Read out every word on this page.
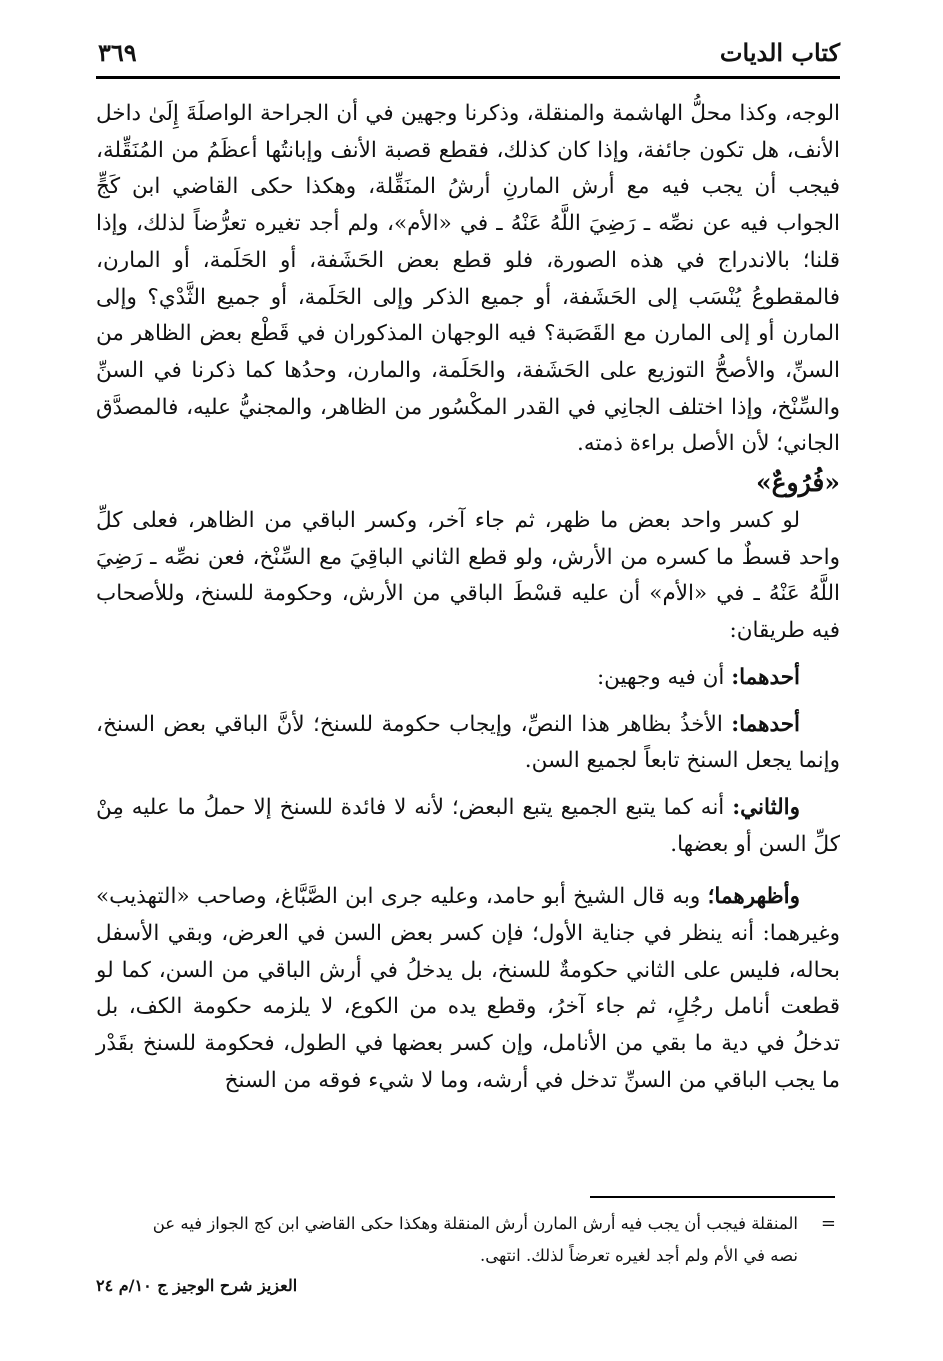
كتاب الديات
٣٦٩

الوجه، وكذا محلُّ الهاشمة والمنقلة، وذكرنا وجهين في أن الجراحة الواصلَةَ إِلَىٰ داخل الأنف، هل تكون جائفة، وإذا كان كذلك، فقطع قصبة الأنف وإبانتُها أعظَمُ من المُنَقِّلة، فيجب أن يجب فيه مع أرش المارنِ أرشُ المنَقِّلة، وهكذا حكى القاضي ابن كَجٍّ الجواب فيه عن نصِّه ـ رَضِيَ اللَّهُ عَنْهُ ـ في «الأم»، ولم أجد تغيره تعرُّضاً لذلك، وإذا قلنا؛ بالاندراج في هذه الصورة، فلو قطع بعض الحَشَفة، أو الحَلَمة، أو المارن، فالمقطوعُ يُنْسَب إلى الحَشَفة، أو جميع الذكر وإلى الحَلَمة، أو جميع الثَّدْي؟ وإلى المارن أو إلى المارن مع القَصَبة؟ فيه الوجهان المذكوران في قَطْع بعض الظاهر من السنِّ، والأصحُّ التوزيع على الحَشَفة، والحَلَمة، والمارن، وحدُها كما ذكرنا في السنِّ والسِّنْخ، وإذا اختلف الجانِي في القدر المكْسُور من الظاهر، والمجنيُّ عليه، فالمصدَّق الجاني؛ لأن الأصل براءة ذمته.

«فُرُوعٌ»

لو كسر واحد بعض ما ظهر، ثم جاء آخر، وكسر الباقي من الظاهر، فعلى كلِّ واحد قسطٌ ما كسره من الأرش، ولو قطع الثاني الباقِيَ مع السِّنْخ، فعن نصِّه ـ رَضِيَ اللَّهُ عَنْهُ ـ في «الأم» أن عليه قسْطَ الباقي من الأرش، وحكومة للسنخ، وللأصحاب فيه طريقان:

أحدهما: أن فيه وجهين:

أحدهما: الأخذُ بظاهر هذا النصِّ، وإيجاب حكومة للسنخ؛ لأنَّ الباقي بعض السنخ، وإنما يجعل السنخ تابعاً لجميع السن.

والثاني: أنه كما يتبع الجميع يتبع البعض؛ لأنه لا فائدة للسنخ إلا حملُ ما عليه مِنْ كلِّ السن أو بعضها.

وأظهرهما؛ وبه قال الشيخ أبو حامد، وعليه جرى ابن الصَّبَّاغ، وصاحب «التهذيب» وغيرهما: أنه ينظر في جناية الأول؛ فإن كسر بعض السن في العرض، وبقي الأسفل بحاله، فليس على الثاني حكومةٌ للسنخ، بل يدخلُ في أرش الباقي من السن، كما لو قطعت أنامل رجُلٍ، ثم جاء آخرُ، وقطع يده من الكوع، لا يلزمه حكومة الكف، بل تدخلُ في دية ما بقي من الأنامل، وإن كسر بعضها في الطول، فحكومة للسنخ بقَدْر ما يجب الباقي من السنِّ تدخل في أرشه، وما لا شيء فوقه من السنخ

=
المنقلة فيجب أن يجب فيه أرش المارن أرش المنقلة وهكذا حكى القاضي ابن كج الجواز فيه عن
نصه في الأم ولم أجد لغيره تعرضاً لذلك. انتهى.
العزيز شرح الوجيز ج ١٠/م ٢٤
